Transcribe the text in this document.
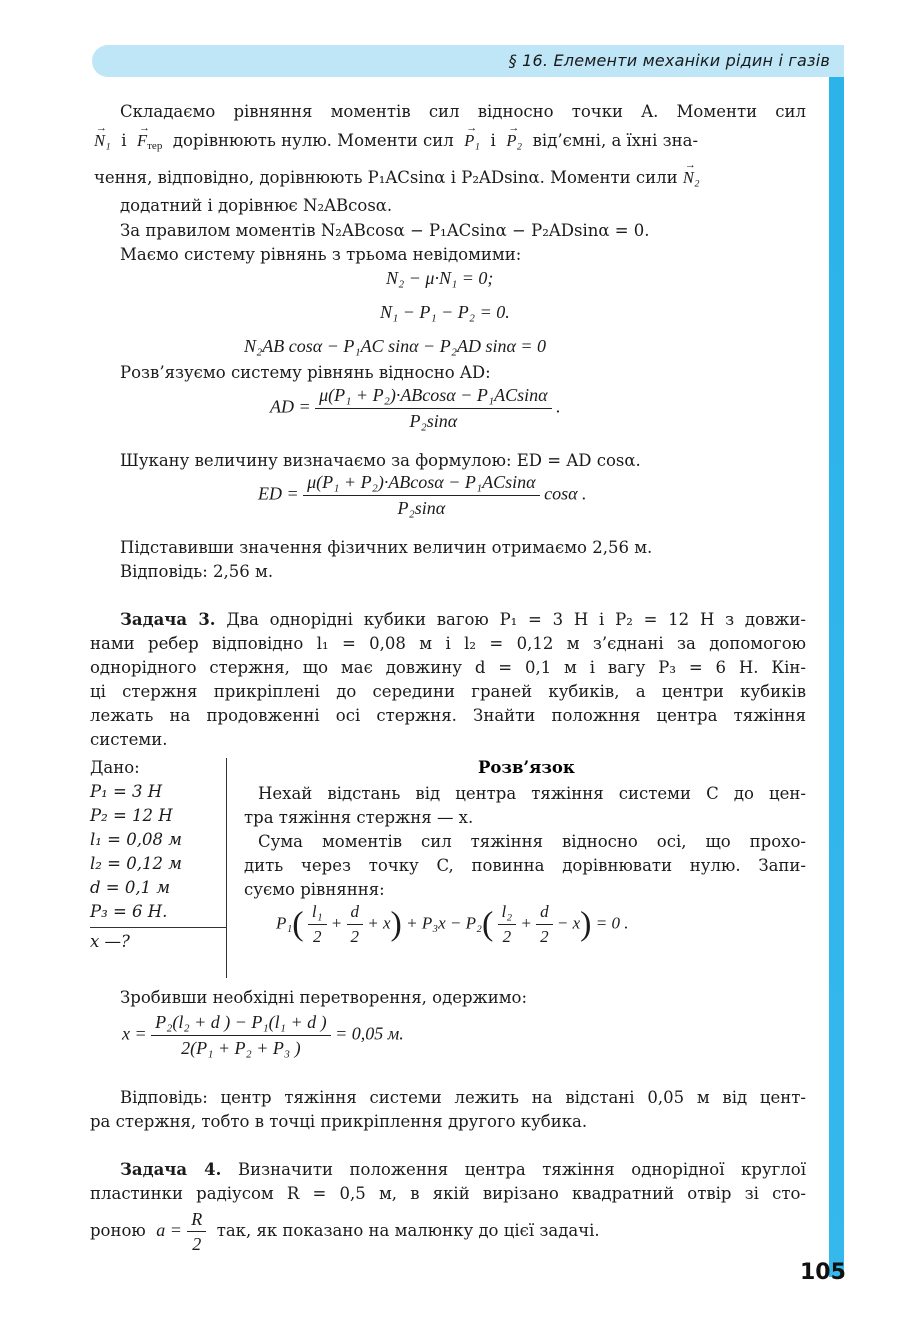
§ 16. Елементи механіки рідин і газів
Складаємо рівняння моментів сил відносно точки A. Моменти сил
→ N₁ $і \to F_{тер}$ дорівнюють нулю. Моменти сил → P₁ і → P₂ від’ємні, а їхні зна-
чення, відповідно, дорівнюють P₁ACsinα і P₂ADsinα. Моменти сили → N₂
додатний і дорівнює N₂ABcosα.
За правилом моментів N₂ABcosα − P₁ACsinα − P₂ADsinα = 0.
Маємо систему рівнянь з трьома невідомими:
N₂ − μ·N₁ = 0;
N₁ − P₁ − P₂ = 0.
N₂AB cosα − P₁AC sinα − P₂AD sinα = 0
Розв’язуємо систему рівнянь відносно AD:
AD = $\frac{\text{μ(P₁ + P₂)·ABcosα − P₁ACsinα}}{\text{P₂sinα}}$ .
Шукану величину визначаємо за формулою: ED = AD cosα.
ED = $\frac{\text{μ(P₁ + P₂)·ABcosα − P₁ACsinα}}{\text{P₂sinα}}$ cosα .
Підставивши значення фізичних величин отримаємо 2,56 м.
Відповідь: 2,56 м.
Задача 3. Два однорідні кубики вагою P₁ = 3 Н і P₂ = 12 Н з довжи-
нами ребер відповідно l₁ = 0,08 м і l₂ = 0,12 м з’єднані за допомогою
однорідного стержня, що має довжину d = 0,1 м і вагу P₃ = 6 Н. Кін-
ці стержня прикріплені до середини граней кубиків, а центри кубиків
лежать на продовженні осі стержня. Знайти положння центра тяжіння
системи.
Дано:
P₁ = 3 Н
P₂ = 12 Н
l₁ = 0,08 м
l₂ = 0,12 м
d = 0,1 м
P₃ = 6 Н.
x —?
Розв’язок
Нехай відстань від центра тяжіння системи C до цен-
тра тяжіння стержня — x.
Сума моментів сил тяжіння відносно осі, що прохо-
дить через точку C, повинна дорівнювати нулю. Запи-
суємо рівняння:
$P_1( \frac{\text{l₁}}{2} + \frac{d}{2} + x) + P_3x - P_2( \frac{\text{l₂}}{2} + \frac{d}{2} - x) = 0$ .
Зробивши необхідні перетворення, одержимо:
$x = \frac{\text{P₂(l₂ + d ) − P₁(l₁ + d )}}{\text{2(P₁ + P₂ + P₃ )}} = 0,05$ м.
Відповідь: центр тяжіння системи лежить на відстані 0,05 м від цент-
ра стержня, тобто в точці прикріплення другого кубика.
Задача 4. Визначити положення центра тяжіння однорідної круглої
пластинки радіусом R = 0,5 м, в якій вирізано квадратний отвір зі сто-
роною $a = \frac{R}{2}$ так, як показано на малюнку до цієї задачі.
105
